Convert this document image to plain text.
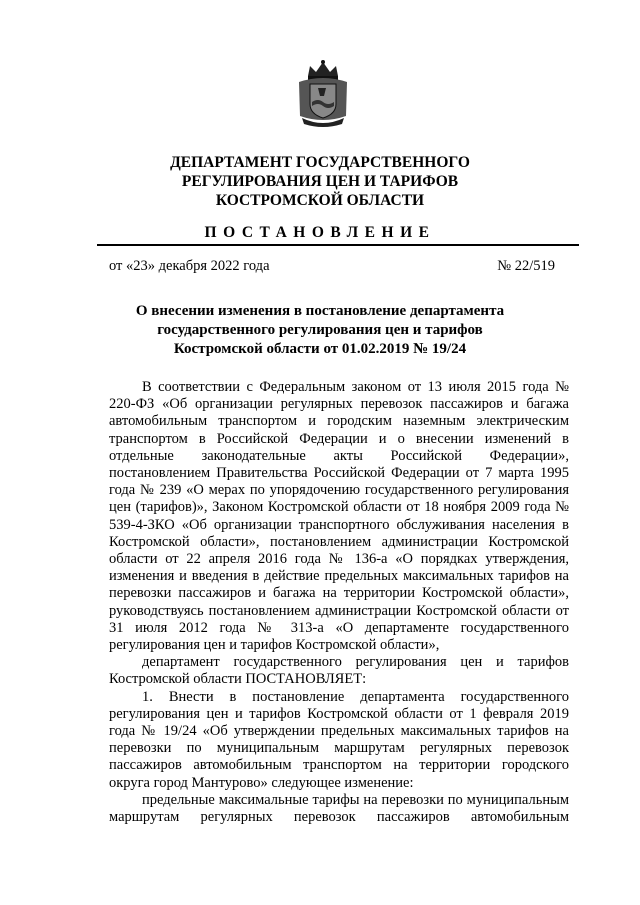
ДЕПАРТАМЕНТ ГОСУДАРСТВЕННОГО
РЕГУЛИРОВАНИЯ ЦЕН И ТАРИФОВ
КОСТРОМСКОЙ ОБЛАСТИ
ПОСТАНОВЛЕНИЕ
от «23» декабря 2022 года	№ 22/519
О внесении изменения в постановление департамента
государственного регулирования цен и тарифов
Костромской области от 01.02.2019 № 19/24

В соответствии с Федеральным законом от 13 июля 2015 года № 220-ФЗ «Об организации регулярных перевозок пассажиров и багажа автомобильным транспортом и городским наземным электрическим транспортом в Российской Федерации и о внесении изменений в отдельные законодательные акты Российской Федерации», постановлением Правительства Российской Федерации от 7 марта 1995 года № 239 «О мерах по упорядочению государственного регулирования цен (тарифов)», Законом Костромской области от 18 ноября 2009 года № 539-4-ЗКО «Об организации транспортного обслуживания населения в Костромской области», постановлением администрации Костромской области от 22 апреля 2016 года № 136-а «О порядках утверждения, изменения и введения в действие предельных максимальных тарифов на перевозки пассажиров и багажа на территории Костромской области», руководствуясь постановлением администрации Костромской области от 31 июля 2012 года № 313-а «О департаменте государственного регулирования цен и тарифов Костромской области»,

департамент государственного регулирования цен и тарифов Костромской области ПОСТАНОВЛЯЕТ:

1. Внести в постановление департамента государственного регулирования цен и тарифов Костромской области от 1 февраля 2019 года № 19/24 «Об утверждении предельных максимальных тарифов на перевозки по муниципальным маршрутам регулярных перевозок пассажиров автомобильным транспортом на территории городского округа город Мантурово» следующее изменение:

предельные максимальные тарифы на перевозки по муниципальным маршрутам регулярных перевозок пассажиров автомобильным
